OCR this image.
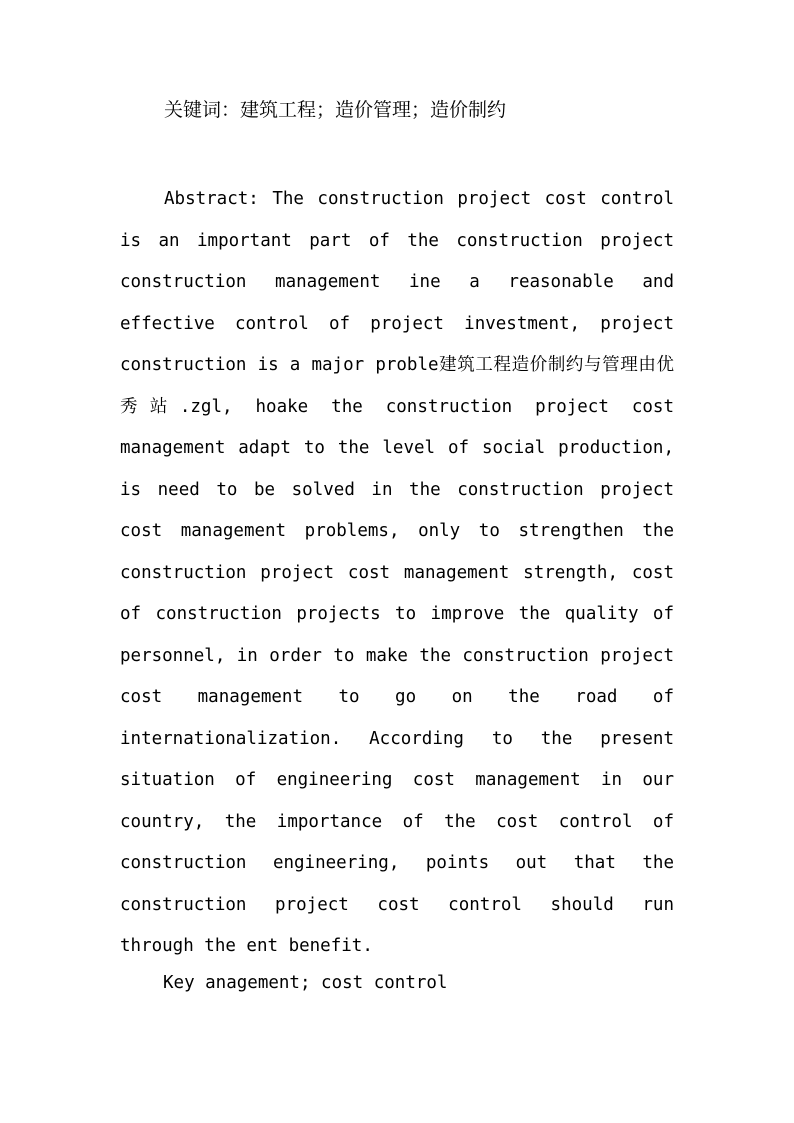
关键词：建筑工程；造价管理；造价制约

Abstract: The construction project cost control is an important part of the construction project construction management ine a reasonable and effective control of project investment, project construction is a major proble建筑工程造价制约与管理由优秀站.zgl, hoake the construction project cost management adapt to the level of social production, is need to be solved in the construction project cost management problems, only to strengthen the construction project cost management strength, cost of construction projects to improve the quality of personnel, in order to make the construction project cost management to go on the road of internationalization. According to the present situation of engineering cost management in our country, the importance of the cost control of construction engineering, points out that the construction project cost control should run
through the ent benefit.

Key anagement; cost control
